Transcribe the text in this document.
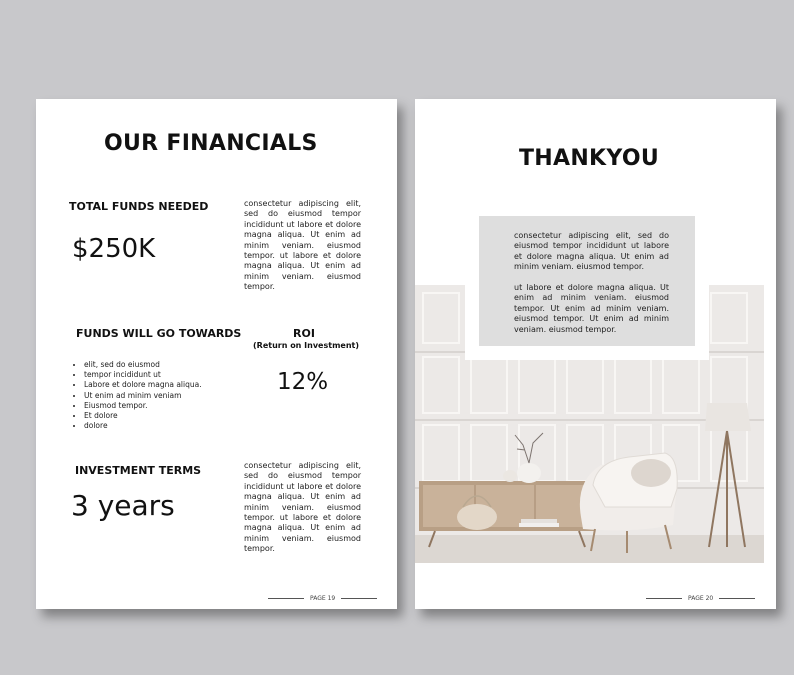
OUR FINANCIALS

TOTAL FUNDS NEEDED

$250K

consectetur adipiscing elit, sed do eiusmod tempor incididunt ut labore et dolore magna aliqua. Ut enim ad minim veniam. eiusmod tempor. ut labore et dolore magna aliqua. Ut enim ad minim veniam. eiusmod tempor.

FUNDS WILL GO TOWARDS

• elit, sed do eiusmod
• tempor incididunt ut
• Labore et dolore magna aliqua.
• Ut enim ad minim veniam
• Eiusmod tempor.
• Et dolore
• dolore

ROI

(Return on Investment)

12%

INVESTMENT TERMS

3 years

consectetur adipiscing elit, sed do eiusmod tempor incididunt ut labore et dolore magna aliqua. Ut enim ad minim veniam. eiusmod tempor. ut labore et dolore magna aliqua. Ut enim ad minim veniam. eiusmod tempor.

PAGE 19
THANKYOU

consectetur adipiscing elit, sed do eiusmod tempor incididunt ut labore et dolore magna aliqua. Ut enim ad minim veniam. eiusmod tempor.

ut labore et dolore magna aliqua. Ut enim ad minim veniam. eiusmod tempor. Ut enim ad minim veniam. eiusmod tempor. Ut enim ad minim veniam. eiusmod tempor.

PAGE 20
